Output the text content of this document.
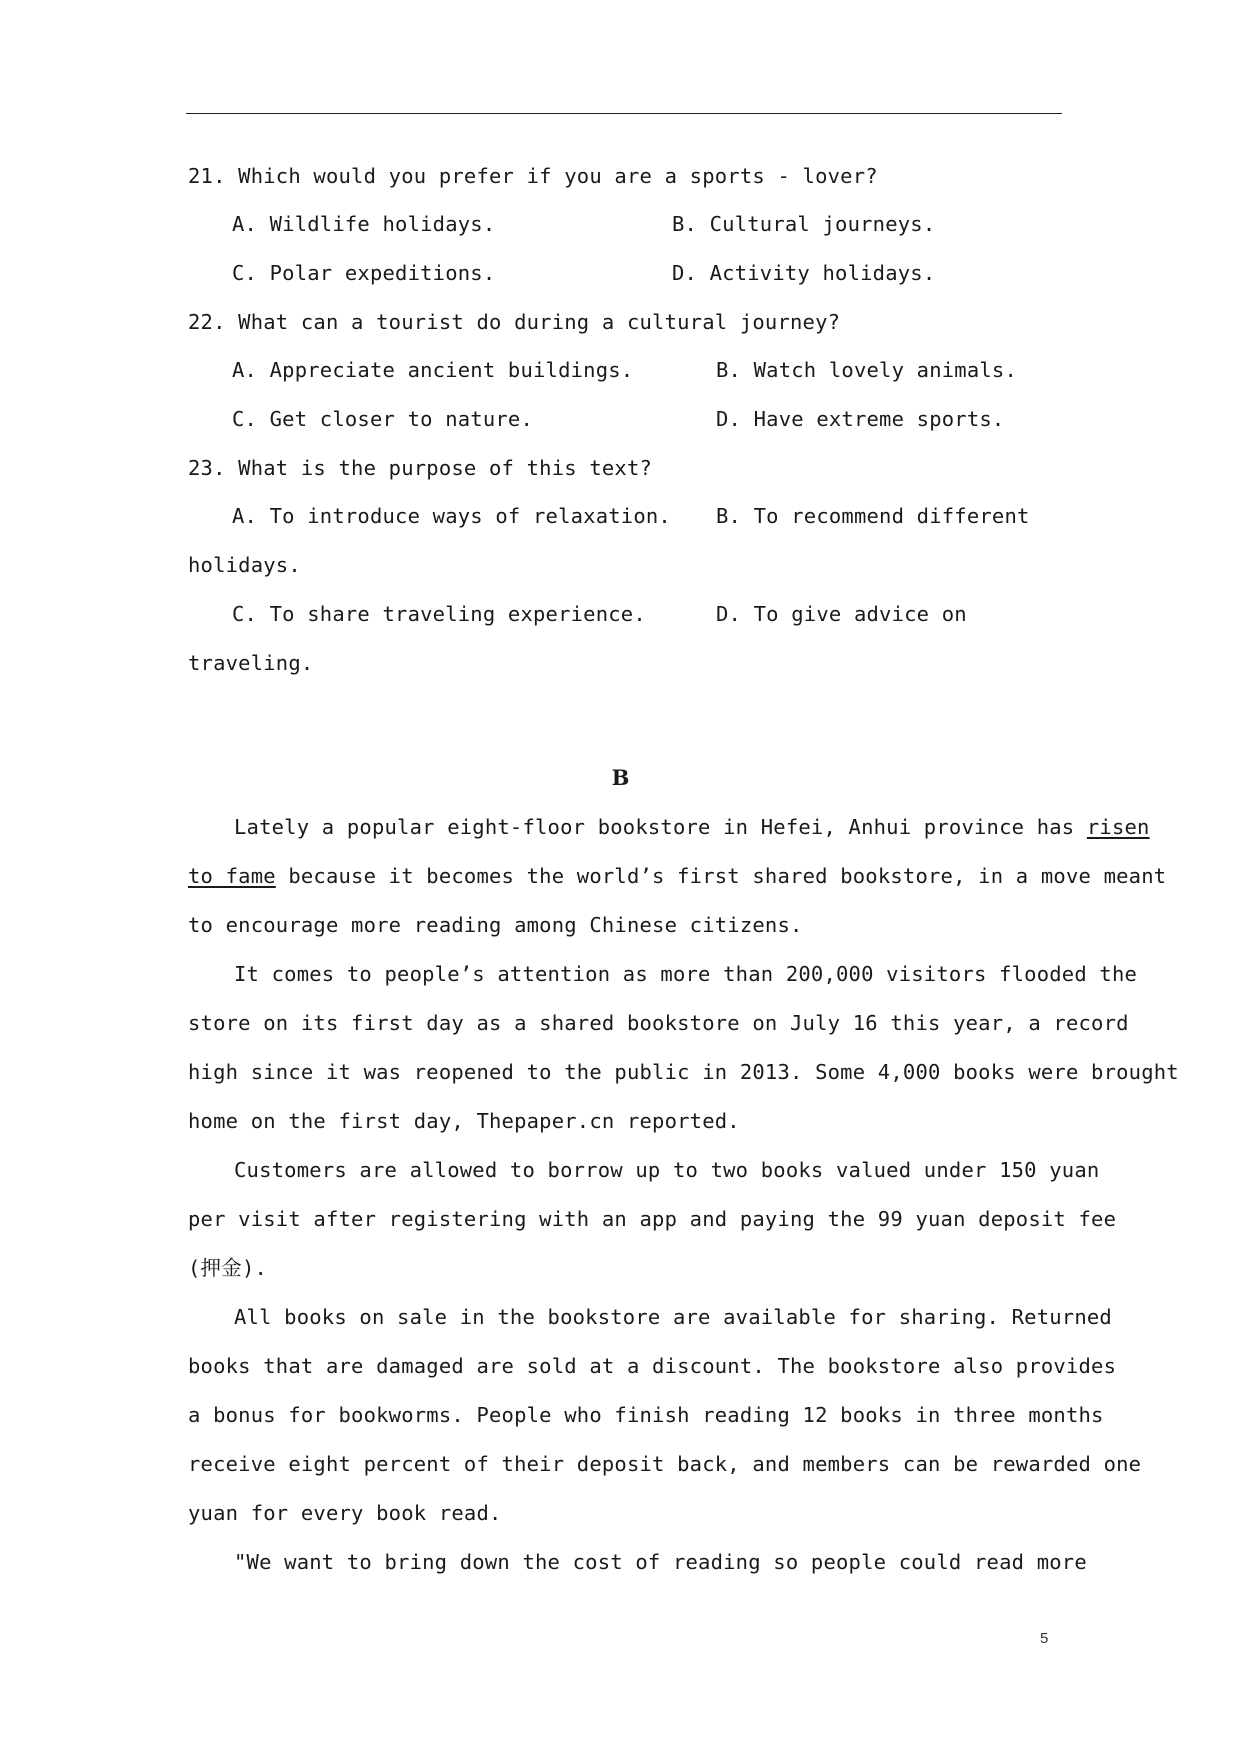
21. Which would you prefer if you are a sports - lover?
A. Wildlife holidays.	B. Cultural journeys.
C. Polar expeditions.	D. Activity holidays.
22. What can a tourist do during a cultural journey?
A. Appreciate ancient buildings.	B. Watch lovely animals.
C. Get closer to nature.	D. Have extreme sports.
23. What is the purpose of this text?
A. To introduce ways of relaxation. B. To recommend different
holidays.
C. To share traveling experience.	D. To give advice on
traveling.
B
Lately a popular eight-floor bookstore in Hefei, Anhui province has risen
to fame because it becomes the world’s first shared bookstore, in a move meant
to encourage more reading among Chinese citizens.
It comes to people’s attention as more than 200,000 visitors flooded the
store on its first day as a shared bookstore on July 16 this year, a record
high since it was reopened to the public in 2013. Some 4,000 books were brought
home on the first day, Thepaper.cn reported.
Customers are allowed to borrow up to two books valued under 150 yuan
per visit after registering with an app and paying the 99 yuan deposit fee
(押金).
All books on sale in the bookstore are available for sharing. Returned
books that are damaged are sold at a discount. The bookstore also provides
a bonus for bookworms. People who finish reading 12 books in three months
receive eight percent of their deposit back, and members can be rewarded one
yuan for every book read.
"We want to bring down the cost of reading so people could read more
5
